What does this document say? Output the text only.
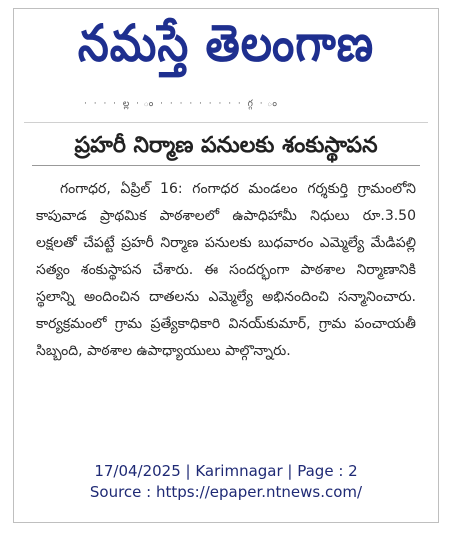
నమస్తే తెలంగాణ
· · · · ల్ల · ం · · · · · · · · · గ్గ · ం
ప్రహరీ నిర్మాణ పనులకు శంకుస్థాపన

గంగాధర, ఏప్రిల్ 16: గంగాధర మండలం గర్శకుర్తి గ్రామంలోని కాపువాడ ప్రాథమిక పాఠశాలలో ఉపాధిహామీ నిధులు రూ.3.50 లక్షలతో చేపట్టే ప్రహరీ నిర్మాణ పనులకు బుధవారం ఎమ్మెల్యే మేడిపల్లి సత్యం శంకుస్థాపన చేశారు. ఈ సందర్భంగా పాఠశాల నిర్మాణానికి స్థలాన్ని అందించిన దాతలను ఎమ్మెల్యే అభినందించి సన్మానించారు. కార్యక్రమంలో గ్రామ ప్రత్యేకాధికారి వినయ్‌కుమార్, గ్రామ పంచాయతీ సిబ్బంది, పాఠశాల ఉపాధ్యాయులు పాల్గొన్నారు.

17/04/2025 | Karimnagar | Page : 2
Source : https://epaper.ntnews.com/
